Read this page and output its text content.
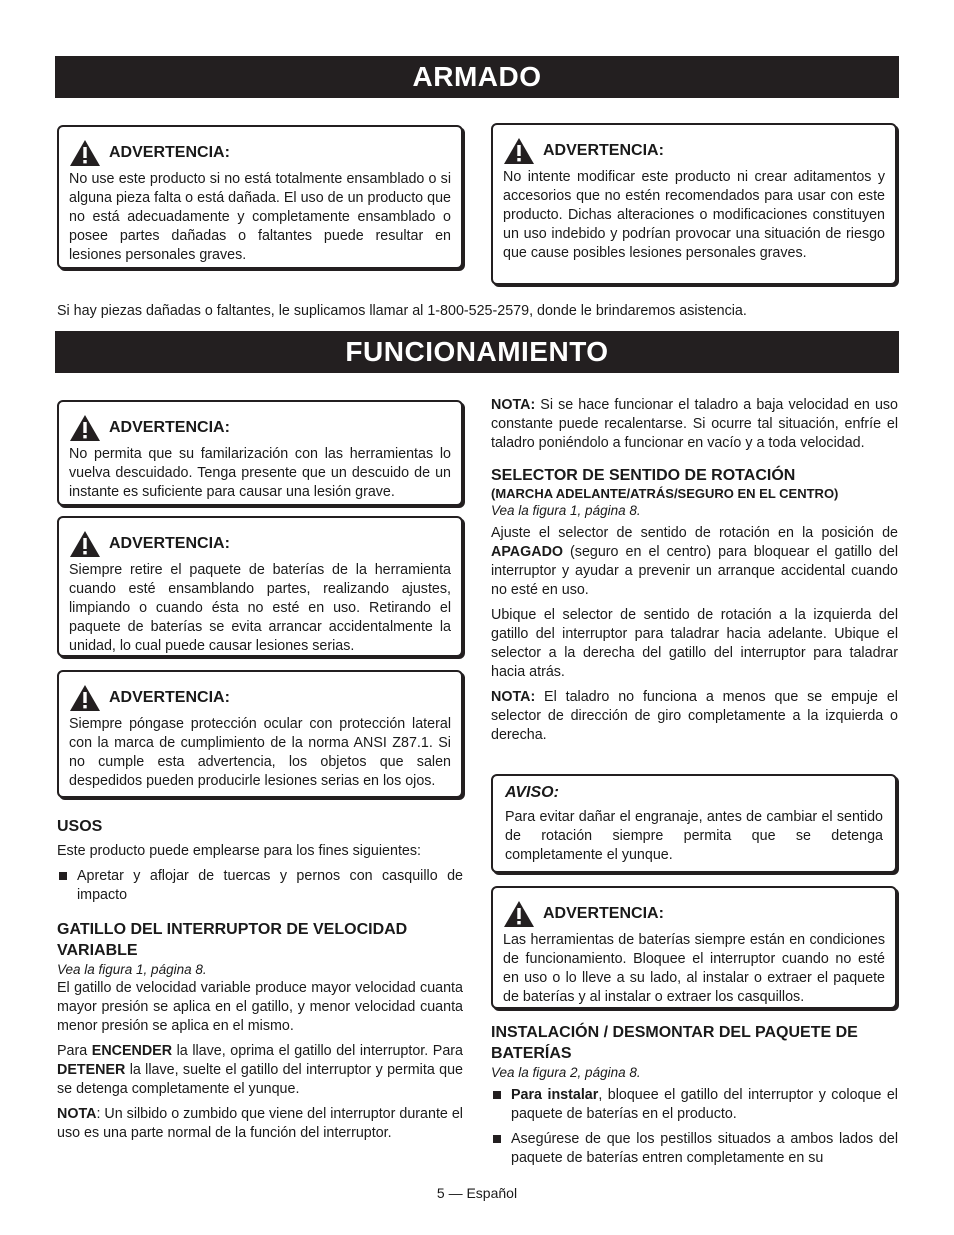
ARMADO
ADVERTENCIA:
No use este producto si no está totalmente ensamblado o si alguna pieza falta o está dañada. El uso de un producto que no está adecuadamente y completamente ensamblado o posee partes dañadas o faltantes puede resultar en lesiones personales graves.
ADVERTENCIA:
No intente modificar este producto ni crear aditamentos y accesorios que no estén recomendados para usar con este producto. Dichas alteraciones o modificaciones constituyen un uso indebido y podrían provocar una situación de riesgo que cause posibles lesiones personales graves.
Si hay piezas dañadas o faltantes, le suplicamos llamar al 1-800-525-2579, donde le brindaremos asistencia.
FUNCIONAMIENTO
ADVERTENCIA:
No permita que su familarización con las herramientas lo vuelva descuidado. Tenga presente que un descuido de un instante es suficiente para causar una lesión grave.
ADVERTENCIA:
Siempre retire el paquete de baterías de la herramienta cuando esté ensamblando partes, realizando ajustes, limpiando o cuando ésta no esté en uso. Retirando el paquete de baterías se evita arrancar accidentalmente la unidad, lo cual puede causar lesiones serias.
ADVERTENCIA:
Siempre póngase protección ocular con protección lateral con la marca de cumplimiento de la norma ANSI Z87.1. Si no cumple esta advertencia, los objetos que salen despedidos pueden producirle lesiones serias en los ojos.
USOS

Este producto puede emplearse para los fines siguientes:

Apretar y aflojar de tuercas y pernos con casquillo de impacto
GATILLO DEL INTERRUPTOR DE VELOCIDAD VARIABLE
Vea la figura 1, página 8.

El gatillo de velocidad variable produce mayor velocidad cuanta mayor presión se aplica en el gatillo, y menor velocidad cuanta menor presión se aplica en el mismo.

Para ENCENDER la llave, oprima el gatillo del interruptor. Para DETENER la llave, suelte el gatillo del interruptor y permita que se detenga completamente el yunque.

NOTA: Un silbido o zumbido que viene del interruptor durante el uso es una parte normal de la función del interruptor.

NOTA: Si se hace funcionar el taladro a baja velocidad en uso constante puede recalentarse. Si ocurre tal situación, enfríe el taladro poniéndolo a funcionar en vacío y a toda velocidad.

SELECTOR DE SENTIDO DE ROTACIÓN
(MARCHA ADELANTE/ATRÁS/SEGURO EN EL CENTRO)
Vea la figura 1, página 8.

Ajuste el selector de sentido de rotación en la posición de APAGADO (seguro en el centro) para bloquear el gatillo del interruptor y ayudar a prevenir un arranque accidental cuando no esté en uso.

Ubique el selector de sentido de rotación a la izquierda del gatillo del interruptor para taladrar hacia adelante. Ubique el selector a la derecha del gatillo del interruptor para taladrar hacia atrás.

NOTA: El taladro no funciona a menos que se empuje el selector de dirección de giro completamente a la izquierda o derecha.

AVISO:
Para evitar dañar el engranaje, antes de cambiar el sentido de rotación siempre permita que se detenga completamente el yunque.
ADVERTENCIA:
Las herramientas de baterías siempre están en condiciones de funcionamiento. Bloquee el interruptor cuando no esté en uso o lo lleve a su lado, al instalar o extraer el paquete de baterías y al instalar o extraer los casquillos.
INSTALACIÓN / DESMONTAR DEL PAQUETE DE BATERÍAS
Vea la figura 2, página 8.
Para instalar, bloquee el gatillo del interruptor y coloque el paquete de baterías en el producto.
Asegúrese de que los pestillos situados a ambos lados del paquete de baterías entren completamente en su
5 — Español
